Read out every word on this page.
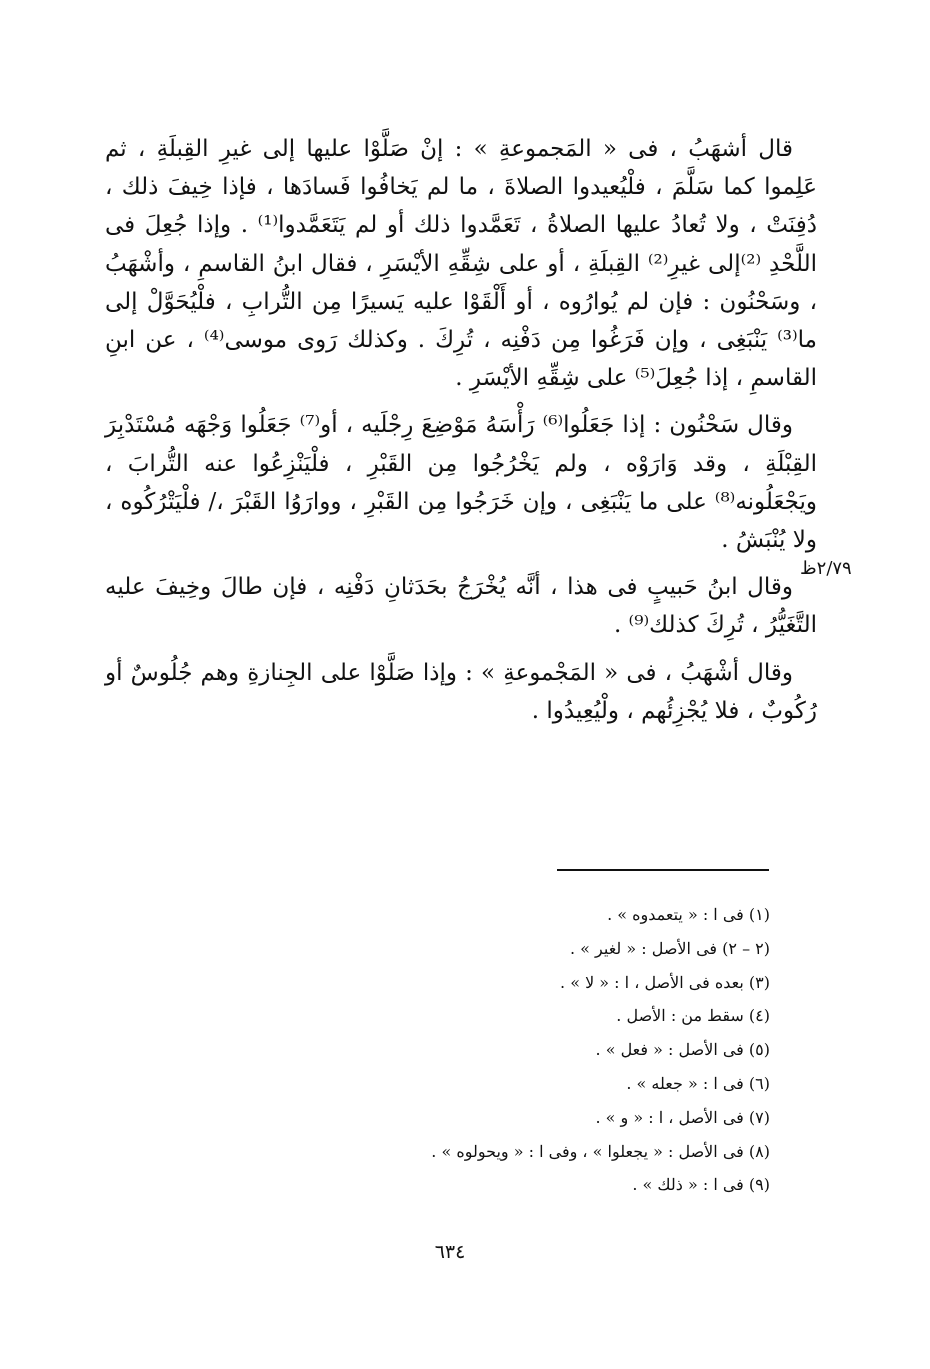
قال أشهَبُ ، فى « المَجموعةِ » : إنْ صَلَّوْا عليها إلى غيرِ القِبلَةِ ، ثم عَلِموا كما سَلَّمَ ، فلْيُعيدوا الصلاةَ ، ما لم يَخافُوا فَسادَها ، فإذا خِيفَ ذلك ، دُفِنَتْ ، ولا تُعادُ عليها الصلاةُ ، تَعَمَّدوا ذلك أو لم يَتَعَمَّدوا⁽¹⁾ . وإذا جُعِلَ فى اللَّحْدِ ⁽²⁾إلى غيرِ⁽²⁾ القِبلَةِ ، أو على شِقِّهِ الأيْسَرِ ، فقال ابنُ القاسمِ ، وأشْهَبُ ، وسَحْنُون : فإن لم يُوارُوه ، أو أَلْقَوْا عليه يَسيرًا مِن التُّرابِ ، فلْيُحَوَّلْ إلى ما⁽³⁾ يَنْبَغِى ، وإن فَرَغُوا مِن دَفْنِه ، تُرِكَ . وكذلك رَوى موسى⁽⁴⁾ ، عن ابنِ القاسمِ ، إذا جُعِلَ⁽⁵⁾ على شِقِّهِ الأيْسَرِ .

وقال سَحْنُون : إذا جَعَلُوا⁽⁶⁾ رَأْسَهُ مَوْضِعَ رِجْلَيه ، أو⁽⁷⁾ جَعَلُوا وَجْهَه مُسْتَدْبِرَ القِبْلَةِ ، وقد وَارَوْه ، ولم يَخْرُجُوا مِن القَبْرِ ، فلْيَنْزِعُوا عنه التُّرابَ ، ويَجْعَلُونه⁽⁸⁾ على ما يَنْبَغِى ، وإن خَرَجُوا مِن القَبْرِ ، ووارَوُا القَبْرَ ،/ فلْيَتْرُكُوه ، ولا يُنْبَشُ .

وقال ابنُ حَبيبٍ فى هذا ، أنَّه يُخْرَجُ بحَدَثانِ دَفْنِه ، فإن طالَ وخِيفَ عليه التَّغَيُّرُ ، تُرِكَ كذلك⁽⁹⁾ .

وقال أشْهَبُ ، فى « المَجْموعةِ » : وإذا صَلَّوْا على الجِنازةِ وهم جُلُوسٌ أو رُكُوبٌ ، فلا يُجْزِئُهم ، ولْيُعِيدُوا .

٢/٧٩ظ

(١) فى ا : « يتعمدوه » .

(٢ – ٢) فى الأصل : « لغير » .

(٣) بعده فى الأصل ، ا : « لا » .

(٤) سقط من : الأصل .

(٥) فى الأصل : « فعل » .

(٦) فى ا : « جعله » .

(٧) فى الأصل ، ا : « و » .

(٨) فى الأصل : « يجعلوا » ، وفى ا : « ويحولوه » .

(٩) فى ا : « ذلك » .

٦٣٤
